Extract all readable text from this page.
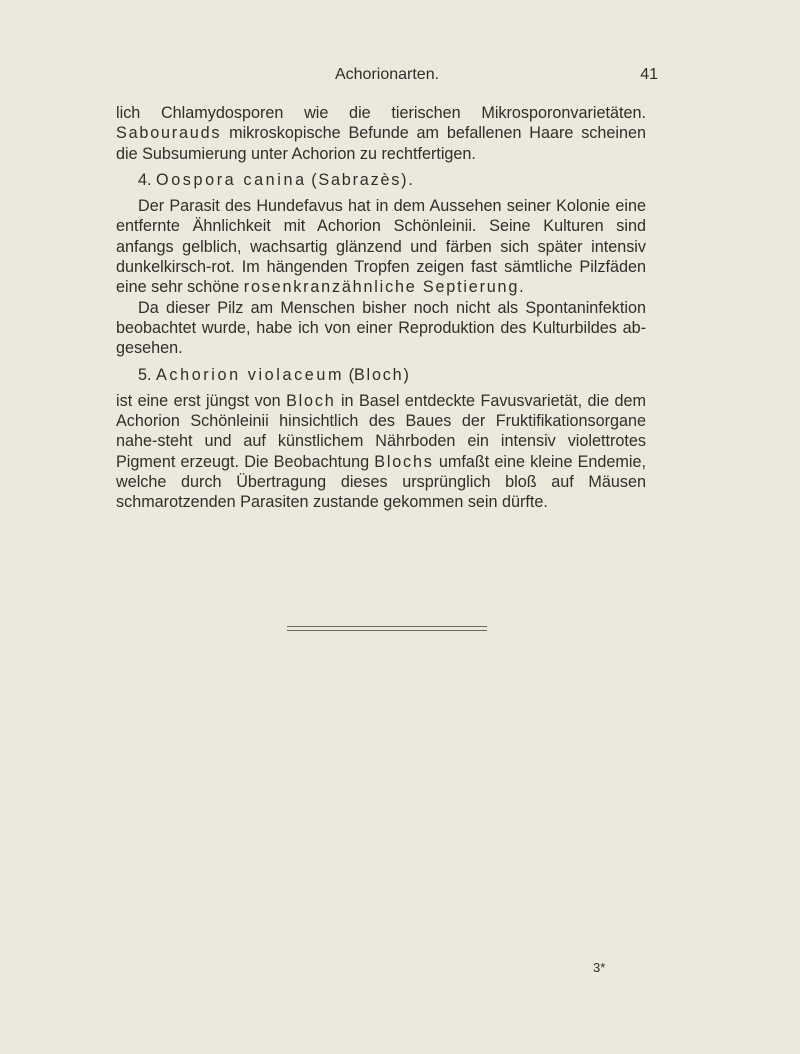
Achorionarten.	41

lich Chlamydosporen wie die tierischen Mikrosporonvarietäten. Sabourauds mikroskopische Befunde am befallenen Haare scheinen die Subsumierung unter Achorion zu rechtfertigen.

4. Oospora canina (Sabrazès).

Der Parasit des Hundefavus hat in dem Aussehen seiner Kolonie eine entfernte Ähnlichkeit mit Achorion Schönleinii. Seine Kulturen sind anfangs gelblich, wachsartig glänzend und färben sich später intensiv dunkelkirsch-rot. Im hängenden Tropfen zeigen fast sämtliche Pilzfäden eine sehr schöne rosenkranzähnliche Septierung.

Da dieser Pilz am Menschen bisher noch nicht als Spontaninfektion beobachtet wurde, habe ich von einer Reproduktion des Kulturbildes ab-gesehen.

5. Achorion violaceum (Bloch)

ist eine erst jüngst von Bloch in Basel entdeckte Favusvarietät, die dem Achorion Schönleinii hinsichtlich des Baues der Fruktifikationsorgane nahe-steht und auf künstlichem Nährboden ein intensiv violettrotes Pigment erzeugt. Die Beobachtung Blochs umfaßt eine kleine Endemie, welche durch Übertragung dieses ursprünglich bloß auf Mäusen schmarotzenden Parasiten zustande gekommen sein dürfte.

3*
